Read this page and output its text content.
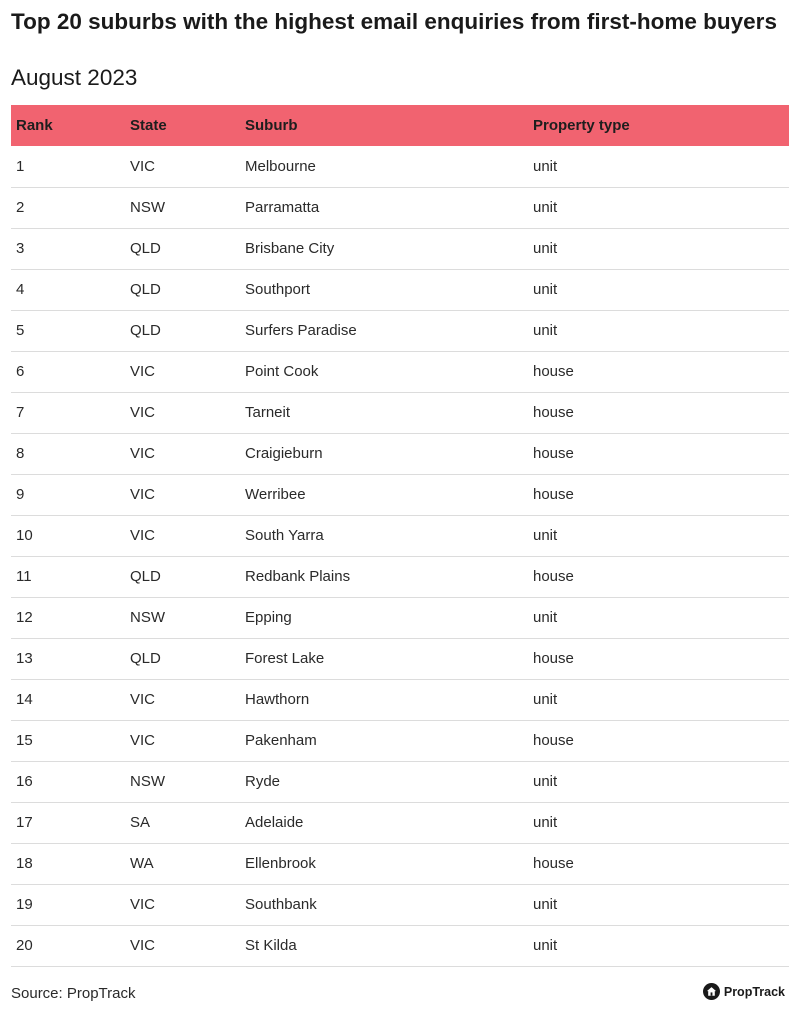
Top 20 suburbs with the highest email enquiries from first-home buyers

August 2023

Rank	State	Suburb	Property type
1	VIC	Melbourne	unit
2	NSW	Parramatta	unit
3	QLD	Brisbane City	unit
4	QLD	Southport	unit
5	QLD	Surfers Paradise	unit
6	VIC	Point Cook	house
7	VIC	Tarneit	house
8	VIC	Craigieburn	house
9	VIC	Werribee	house
10	VIC	South Yarra	unit
11	QLD	Redbank Plains	house
12	NSW	Epping	unit
13	QLD	Forest Lake	house
14	VIC	Hawthorn	unit
15	VIC	Pakenham	house
16	NSW	Ryde	unit
17	SA	Adelaide	unit
18	WA	Ellenbrook	house
19	VIC	Southbank	unit
20	VIC	St Kilda	unit
Source: PropTrack	PropTrack
